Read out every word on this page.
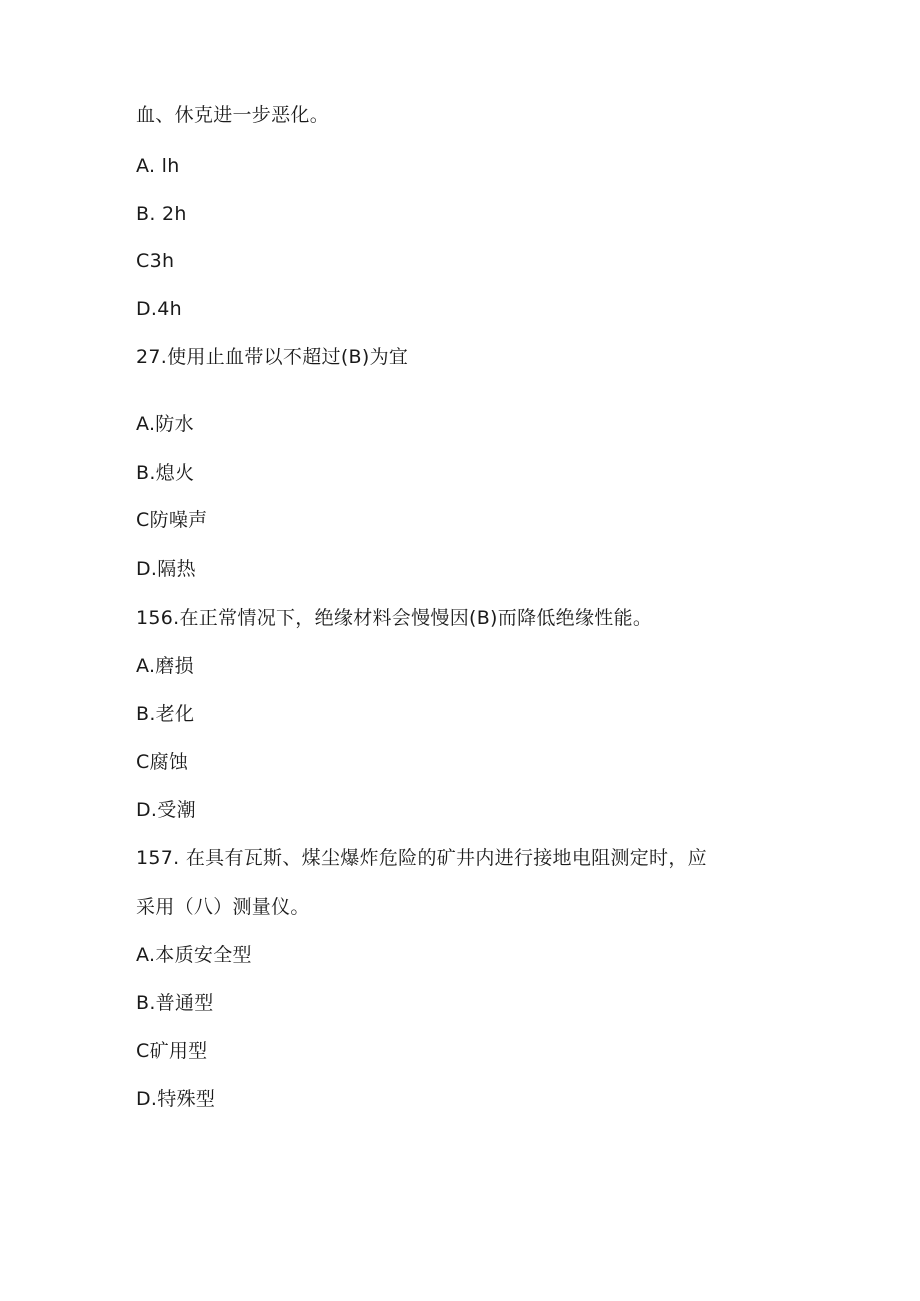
血、休克进一步恶化。
A. lh
B. 2h
C3h
D.4h
27.使用止血带以不超过(B)为宜
A.防水
B.熄火
C防噪声
D.隔热
156.在正常情况下，绝缘材料会慢慢因(B)而降低绝缘性能。
A.磨损
B.老化
C腐蚀
D.受潮
157. 在具有瓦斯、煤尘爆炸危险的矿井内进行接地电阻测定时，应
采用（八）测量仪。
A.本质安全型
B.普通型
C矿用型
D.特殊型
